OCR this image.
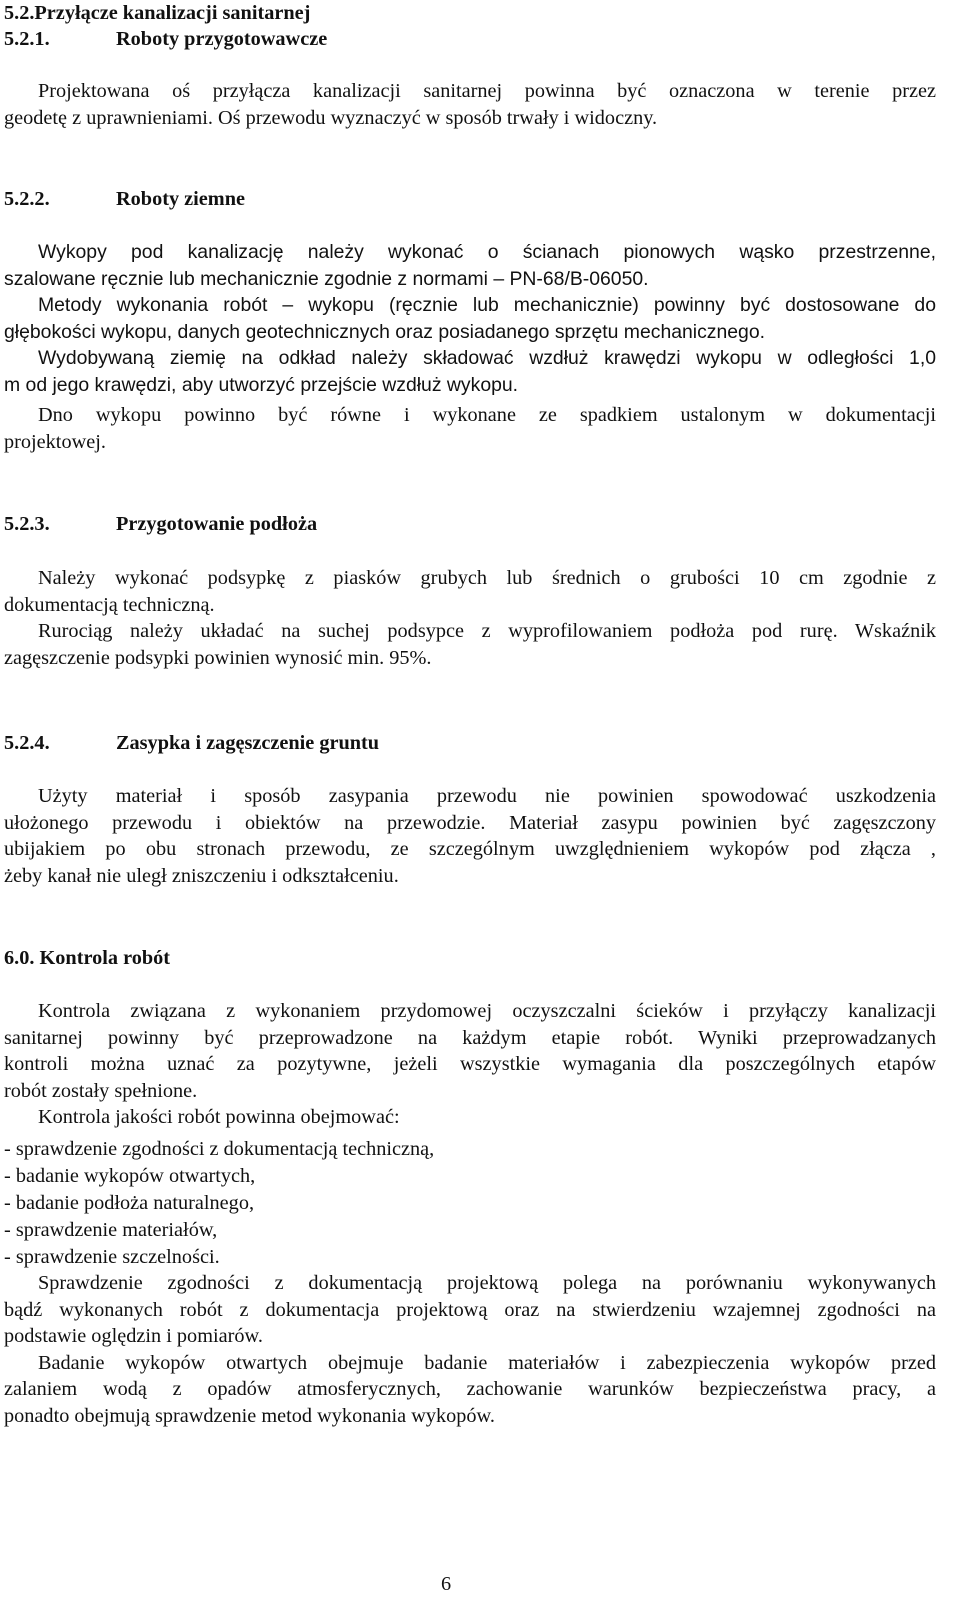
5.2.Przyłącze kanalizacji sanitarnej
5.2.1.	Roboty przygotowawcze
Projektowana oś przyłącza kanalizacji sanitarnej powinna być oznaczona w terenie przez
geodetę z uprawnieniami. Oś przewodu wyznaczyć w sposób trwały i widoczny.
5.2.2.	Roboty ziemne
Wykopy pod kanalizację należy wykonać o ścianach pionowych wąsko przestrzenne,
szalowane ręcznie lub mechanicznie zgodnie z normami – PN-68/B-06050.
Metody wykonania robót – wykopu (ręcznie lub mechanicznie) powinny być dostosowane do
głębokości wykopu, danych geotechnicznych oraz posiadanego sprzętu mechanicznego.
Wydobywaną ziemię na odkład należy składować wzdłuż krawędzi wykopu w odległości 1,0
m od jego krawędzi, aby utworzyć przejście wzdłuż wykopu.
Dno wykopu powinno być równe i wykonane ze spadkiem ustalonym w dokumentacji
projektowej.
5.2.3.	Przygotowanie podłoża
Należy wykonać podsypkę z piasków grubych lub średnich o grubości 10 cm zgodnie z
dokumentacją techniczną.
Rurociąg należy układać na suchej podsypce z wyprofilowaniem podłoża pod rurę. Wskaźnik
zagęszczenie podsypki powinien wynosić min. 95%.
5.2.4.	Zasypka i zagęszczenie gruntu
Użyty materiał i sposób zasypania przewodu nie powinien spowodować uszkodzenia
ułożonego przewodu i obiektów na przewodzie. Materiał zasypu powinien być zagęszczony
ubijakiem po obu stronach przewodu, ze szczególnym uwzględnieniem wykopów pod złącza ,
żeby kanał nie uległ zniszczeniu i odkształceniu.
6.0. Kontrola robót
Kontrola związana z wykonaniem przydomowej oczyszczalni ścieków i przyłączy kanalizacji
sanitarnej powinny być przeprowadzone na każdym etapie robót. Wyniki przeprowadzanych
kontroli można uznać za pozytywne, jeżeli wszystkie wymagania dla poszczególnych etapów
robót zostały spełnione.
Kontrola jakości robót powinna obejmować:
- sprawdzenie zgodności z dokumentacją techniczną,
- badanie wykopów otwartych,
- badanie podłoża naturalnego,
- sprawdzenie materiałów,
- sprawdzenie szczelności.
Sprawdzenie zgodności z dokumentacją projektową polega na porównaniu wykonywanych
bądź wykonanych robót z dokumentacja projektową oraz na stwierdzeniu wzajemnej zgodności na
podstawie oględzin i pomiarów.
Badanie wykopów otwartych obejmuje badanie materiałów i zabezpieczenia wykopów przed
zalaniem wodą z opadów atmosferycznych, zachowanie warunków bezpieczeństwa pracy, a
ponadto obejmują sprawdzenie metod wykonania wykopów.
6
